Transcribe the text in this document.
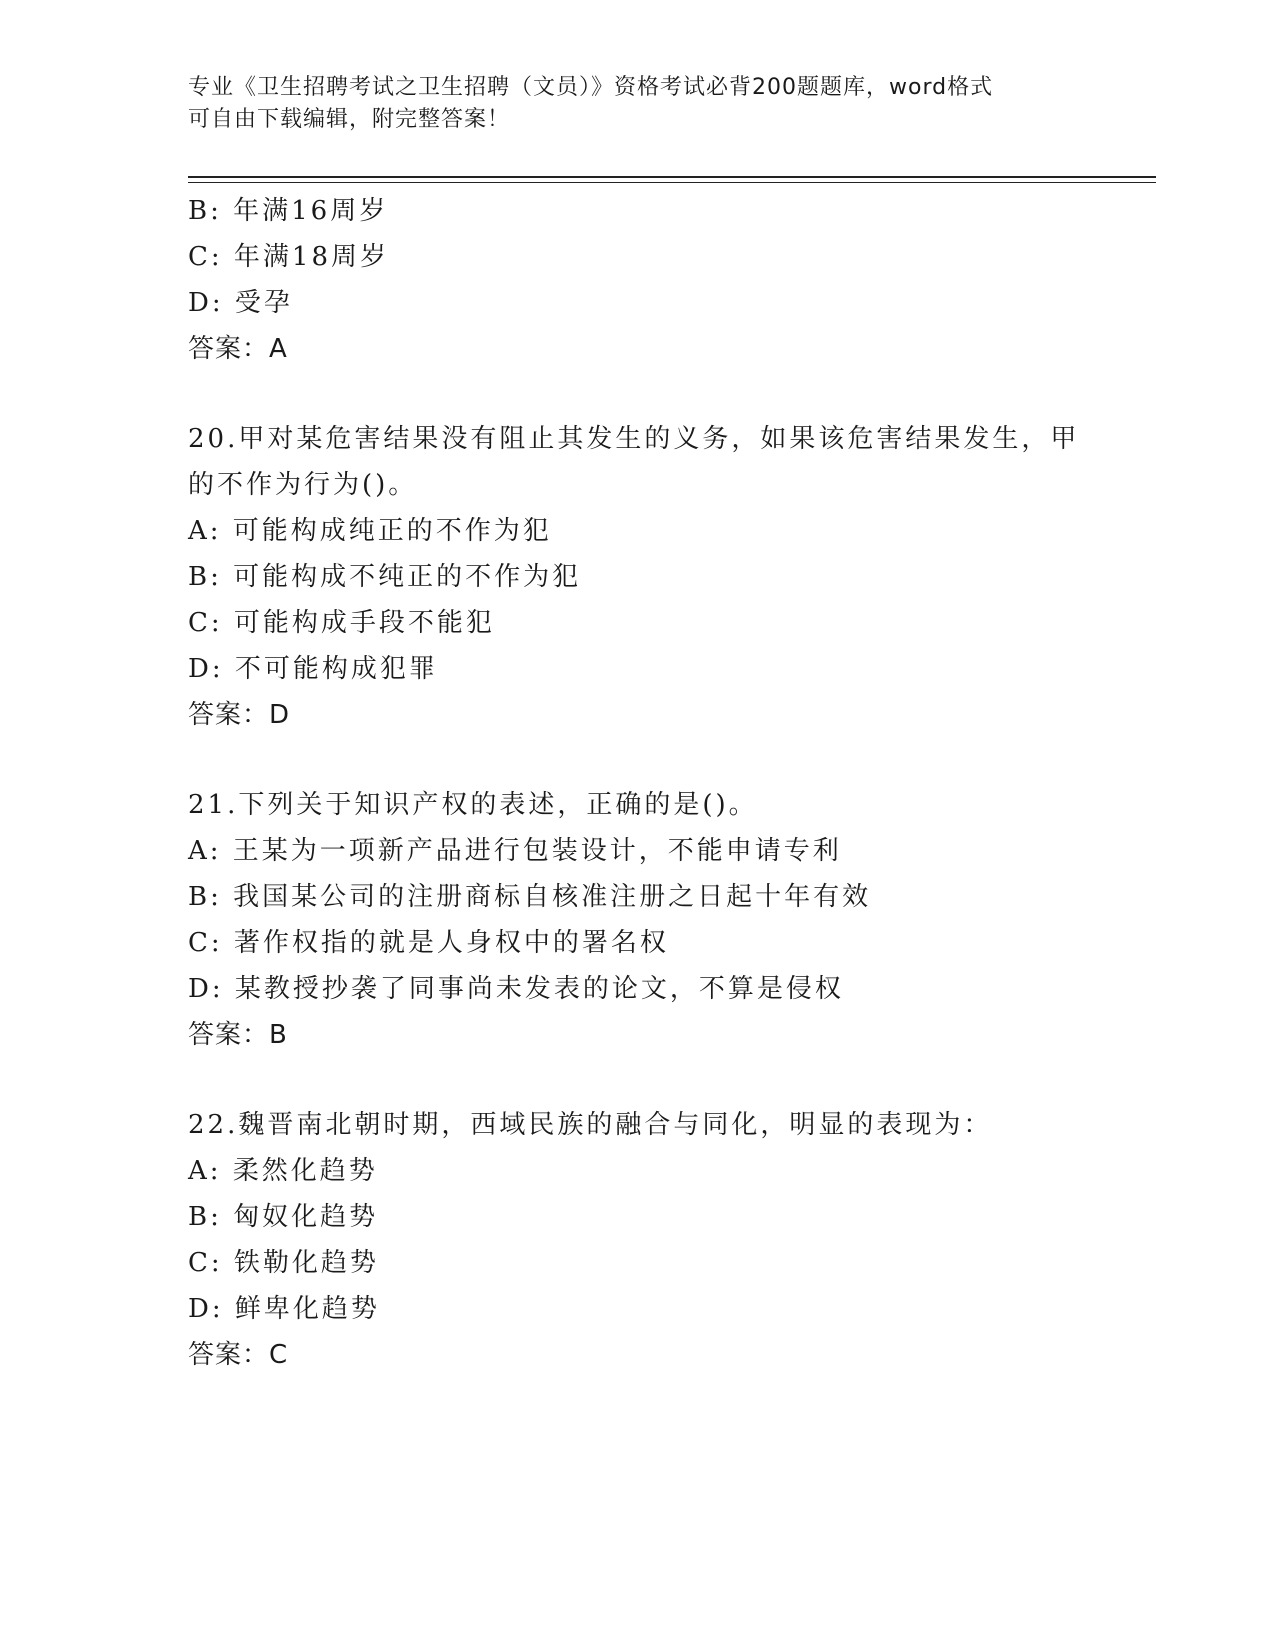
专业《卫生招聘考试之卫生招聘（文员）》资格考试必背200题题库，word格式
可自由下载编辑，附完整答案！
B: 年满16周岁
C: 年满18周岁
D: 受孕
答案：A
20.甲对某危害结果没有阻止其发生的义务，如果该危害结果发生，甲
的不作为行为()。
A: 可能构成纯正的不作为犯
B: 可能构成不纯正的不作为犯
C: 可能构成手段不能犯
D: 不可能构成犯罪
答案：D
21.下列关于知识产权的表述，正确的是()。
A: 王某为一项新产品进行包装设计，不能申请专利
B: 我国某公司的注册商标自核准注册之日起十年有效
C: 著作权指的就是人身权中的署名权
D: 某教授抄袭了同事尚未发表的论文，不算是侵权
答案：B
22.魏晋南北朝时期，西域民族的融合与同化，明显的表现为：
A: 柔然化趋势
B: 匈奴化趋势
C: 铁勒化趋势
D: 鲜卑化趋势
答案：C
